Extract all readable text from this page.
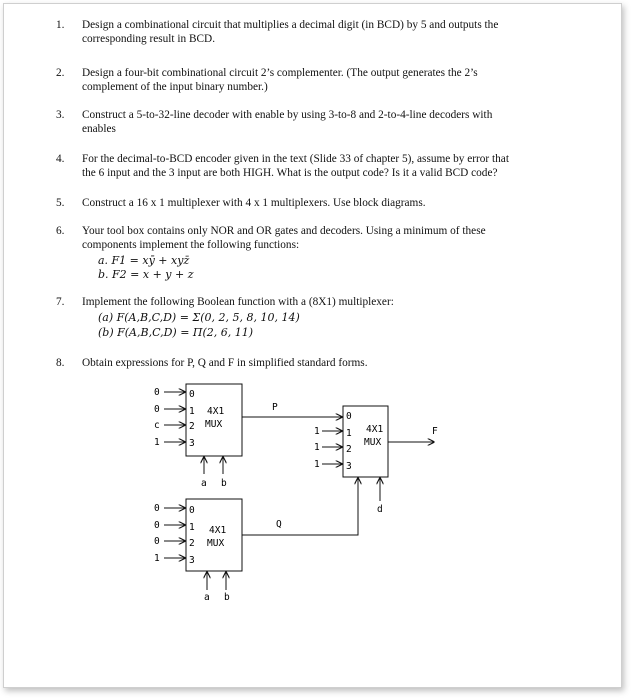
1.	Design a combinational circuit that multiplies a decimal digit (in BCD) by 5 and outputs the
corresponding result in BCD.
2.	Design a four-bit combinational circuit 2’s complementer. (The output generates the 2’s
complement of the input binary number.)
3.	Construct a 5-to-32-line decoder with enable by using 3-to-8 and 2-to-4-line decoders with
enables
4.	For the decimal-to-BCD encoder given in the text (Slide 33 of chapter 5), assume by error that
the 6 input and the 3 input are both HIGH. What is the output code? Is it a valid BCD code?
5.	Construct a 16 x 1 multiplexer with 4 x 1 multiplexers. Use block diagrams.
6.	Your tool box contains only NOR and OR gates and decoders. Using a minimum of these
components implement the following functions:
a. F1 = xȳ + xyz̄
b. F2 = x + y + z
7.	Implement the following Boolean function with a (8X1) multiplexer:
(a) F(A,B,C,D) = Σ(0, 2, 5, 8, 10, 14)
(b) F(A,B,C,D) = Π(2, 6, 11)
8.	Obtain expressions for P, Q and F in simplified standard forms.
4X1
MUX
0
1
2
3
0
0
c
1
a b
4X1
MUX
0
1
2
3
0
0
0
1
a b
4X1
MUX
0
1
2
3
1
1
1
d
P
Q
F
